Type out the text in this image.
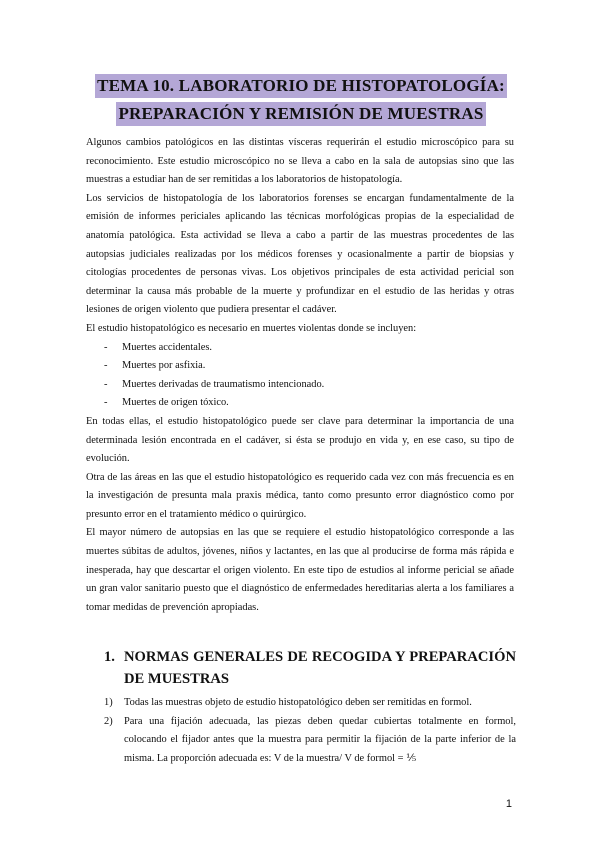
TEMA 10. LABORATORIO DE HISTOPATOLOGÍA:
PREPARACIÓN Y REMISIÓN DE MUESTRAS

Algunos cambios patológicos en las distintas vísceras requerirán el estudio microscópico para su reconocimiento. Este estudio microscópico no se lleva a cabo en la sala de autopsias sino que las muestras a estudiar han de ser remitidas a los laboratorios de histopatología.

Los servicios de histopatología de los laboratorios forenses se encargan fundamentalmente de la emisión de informes periciales aplicando las técnicas morfológicas propias de la especialidad de anatomía patológica. Esta actividad se lleva a cabo a partir de las muestras procedentes de las autopsias judiciales realizadas por los médicos forenses y ocasionalmente a partir de biopsias y citologías procedentes de personas vivas. Los objetivos principales de esta actividad pericial son determinar la causa más probable de la muerte y profundizar en el estudio de las heridas y otras lesiones de origen violento que pudiera presentar el cadáver.

El estudio histopatológico es necesario en muertes violentas donde se incluyen:

- Muertes accidentales.
- Muertes por asfixia.
- Muertes derivadas de traumatismo intencionado.
- Muertes de origen tóxico.

En todas ellas, el estudio histopatológico puede ser clave para determinar la importancia de una determinada lesión encontrada en el cadáver, si ésta se produjo en vida y, en ese caso, su tipo de evolución.

Otra de las áreas en las que el estudio histopatológico es requerido cada vez con más frecuencia es en la investigación de presunta mala praxis médica, tanto como presunto error diagnóstico como por presunto error en el tratamiento médico o quirúrgico.

El mayor número de autopsias en las que se requiere el estudio histopatológico corresponde a las muertes súbitas de adultos, jóvenes, niños y lactantes, en las que al producirse de forma más rápida e inesperada, hay que descartar el origen violento. En este tipo de estudios al informe pericial se añade un gran valor sanitario puesto que el diagnóstico de enfermedades hereditarias alerta a los familiares a tomar medidas de prevención apropiadas.

1. NORMAS GENERALES DE RECOGIDA Y PREPARACIÓN DE MUESTRAS
1) Todas las muestras objeto de estudio histopatológico deben ser remitidas en formol.
2) Para una fijación adecuada, las piezas deben quedar cubiertas totalmente en formol, colocando el fijador antes que la muestra para permitir la fijación de la parte inferior de la misma. La proporción adecuada es: V de la muestra/ V de formol = ⅕
1
